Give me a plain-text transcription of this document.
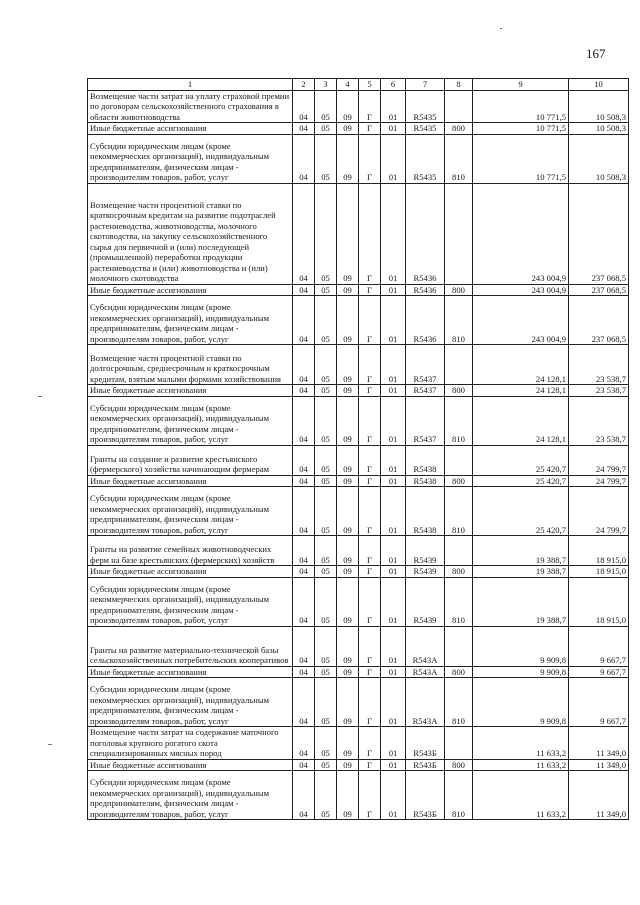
167
1	2	3	4	5	6	7	8	9	10
Возмещение части затрат на уплату страховой премии по договорам сельскохозяйственного страхования в области животноводства	04	05	09	Г	01	R5435		10 771,5	10 508,3
Иные бюджетные ассигнования	04	05	09	Г	01	R5435	800	10 771,5	10 508,3
Субсидии юридическим лицам (кроме некоммерческих организаций), индивидуальным предпринимателям, физическим лицам - производителям товаров, работ, услуг	04	05	09	Г	01	R5435	810	10 771,5	10 508,3
Возмещение части процентной ставки по краткосрочным кредитам на развитие подотраслей растениеводства, животноводства, молочного скотоводства, на закупку сельскохозяйственного сырья для первичной и (или) последующей (промышленной) переработки продукции растениеводства и (или) животноводства и (или) молочного скотоводства	04	05	09	Г	01	R5436		243 004,9	237 068,5
Иные бюджетные ассигнования	04	05	09	Г	01	R5436	800	243 004,9	237 068,5
Субсидии юридическим лицам (кроме некоммерческих организаций), индивидуальным предпринимателям, физическим лицам - производителям товаров, работ, услуг	04	05	09	Г	01	R5436	810	243 004,9	237 068,5
Возмещение части процентной ставки по долгосрочным, среднесрочным и краткосрочным кредитам, взятым малыми формами хозяйствования	04	05	09	Г	01	R5437		24 128,1	23 538,7
Иные бюджетные ассигнования	04	05	09	Г	01	R5437	800	24 128,1	23 538,7
Субсидии юридическим лицам (кроме некоммерческих организаций), индивидуальным предпринимателям, физическим лицам - производителям товаров, работ, услуг	04	05	09	Г	01	R5437	810	24 128,1	23 538,7
Гранты на создание и развитие крестьянского (фермерского) хозяйства начинающим фермерам	04	05	09	Г	01	R5438		25 420,7	24 799,7
Иные бюджетные ассигнования	04	05	09	Г	01	R5438	800	25 420,7	24 799,7
Субсидии юридическим лицам (кроме некоммерческих организаций), индивидуальным предпринимателям, физическим лицам - производителям товаров, работ, услуг	04	05	09	Г	01	R5438	810	25 420,7	24 799,7
Гранты на развитие семейных животноводческих ферм на базе крестьянских (фермерских) хозяйств	04	05	09	Г	01	R5439		19 388,7	18 915,0
Иные бюджетные ассигнования	04	05	09	Г	01	R5439	800	19 388,7	18 915,0
Субсидии юридическим лицам (кроме некоммерческих организаций), индивидуальным предпринимателям, физическим лицам - производителям товаров, работ, услуг	04	05	09	Г	01	R5439	810	19 388,7	18 915,0
Гранты на развитие материально-технической базы сельскохозяйственных потребительских кооперативов	04	05	09	Г	01	R543А		9 909,8	9 667,7
Иные бюджетные ассигнования	04	05	09	Г	01	R543А	800	9 909,8	9 667,7
Субсидии юридическим лицам (кроме некоммерческих организаций), индивидуальным предпринимателям, физическим лицам - производителям товаров, работ, услуг	04	05	09	Г	01	R543А	810	9 909,8	9 667,7
Возмещение части затрат на содержание маточного поголовья крупного рогатого скота специализированных мясных пород	04	05	09	Г	01	R543Б		11 633,2	11 349,0
Иные бюджетные ассигнования	04	05	09	Г	01	R543Б	800	11 633,2	11 349,0
Субсидии юридическим лицам (кроме некоммерческих организаций), индивидуальным предпринимателям, физическим лицам - производителям товаров, работ, услуг	04	05	09	Г	01	R543Б	810	11 633,2	11 349,0
